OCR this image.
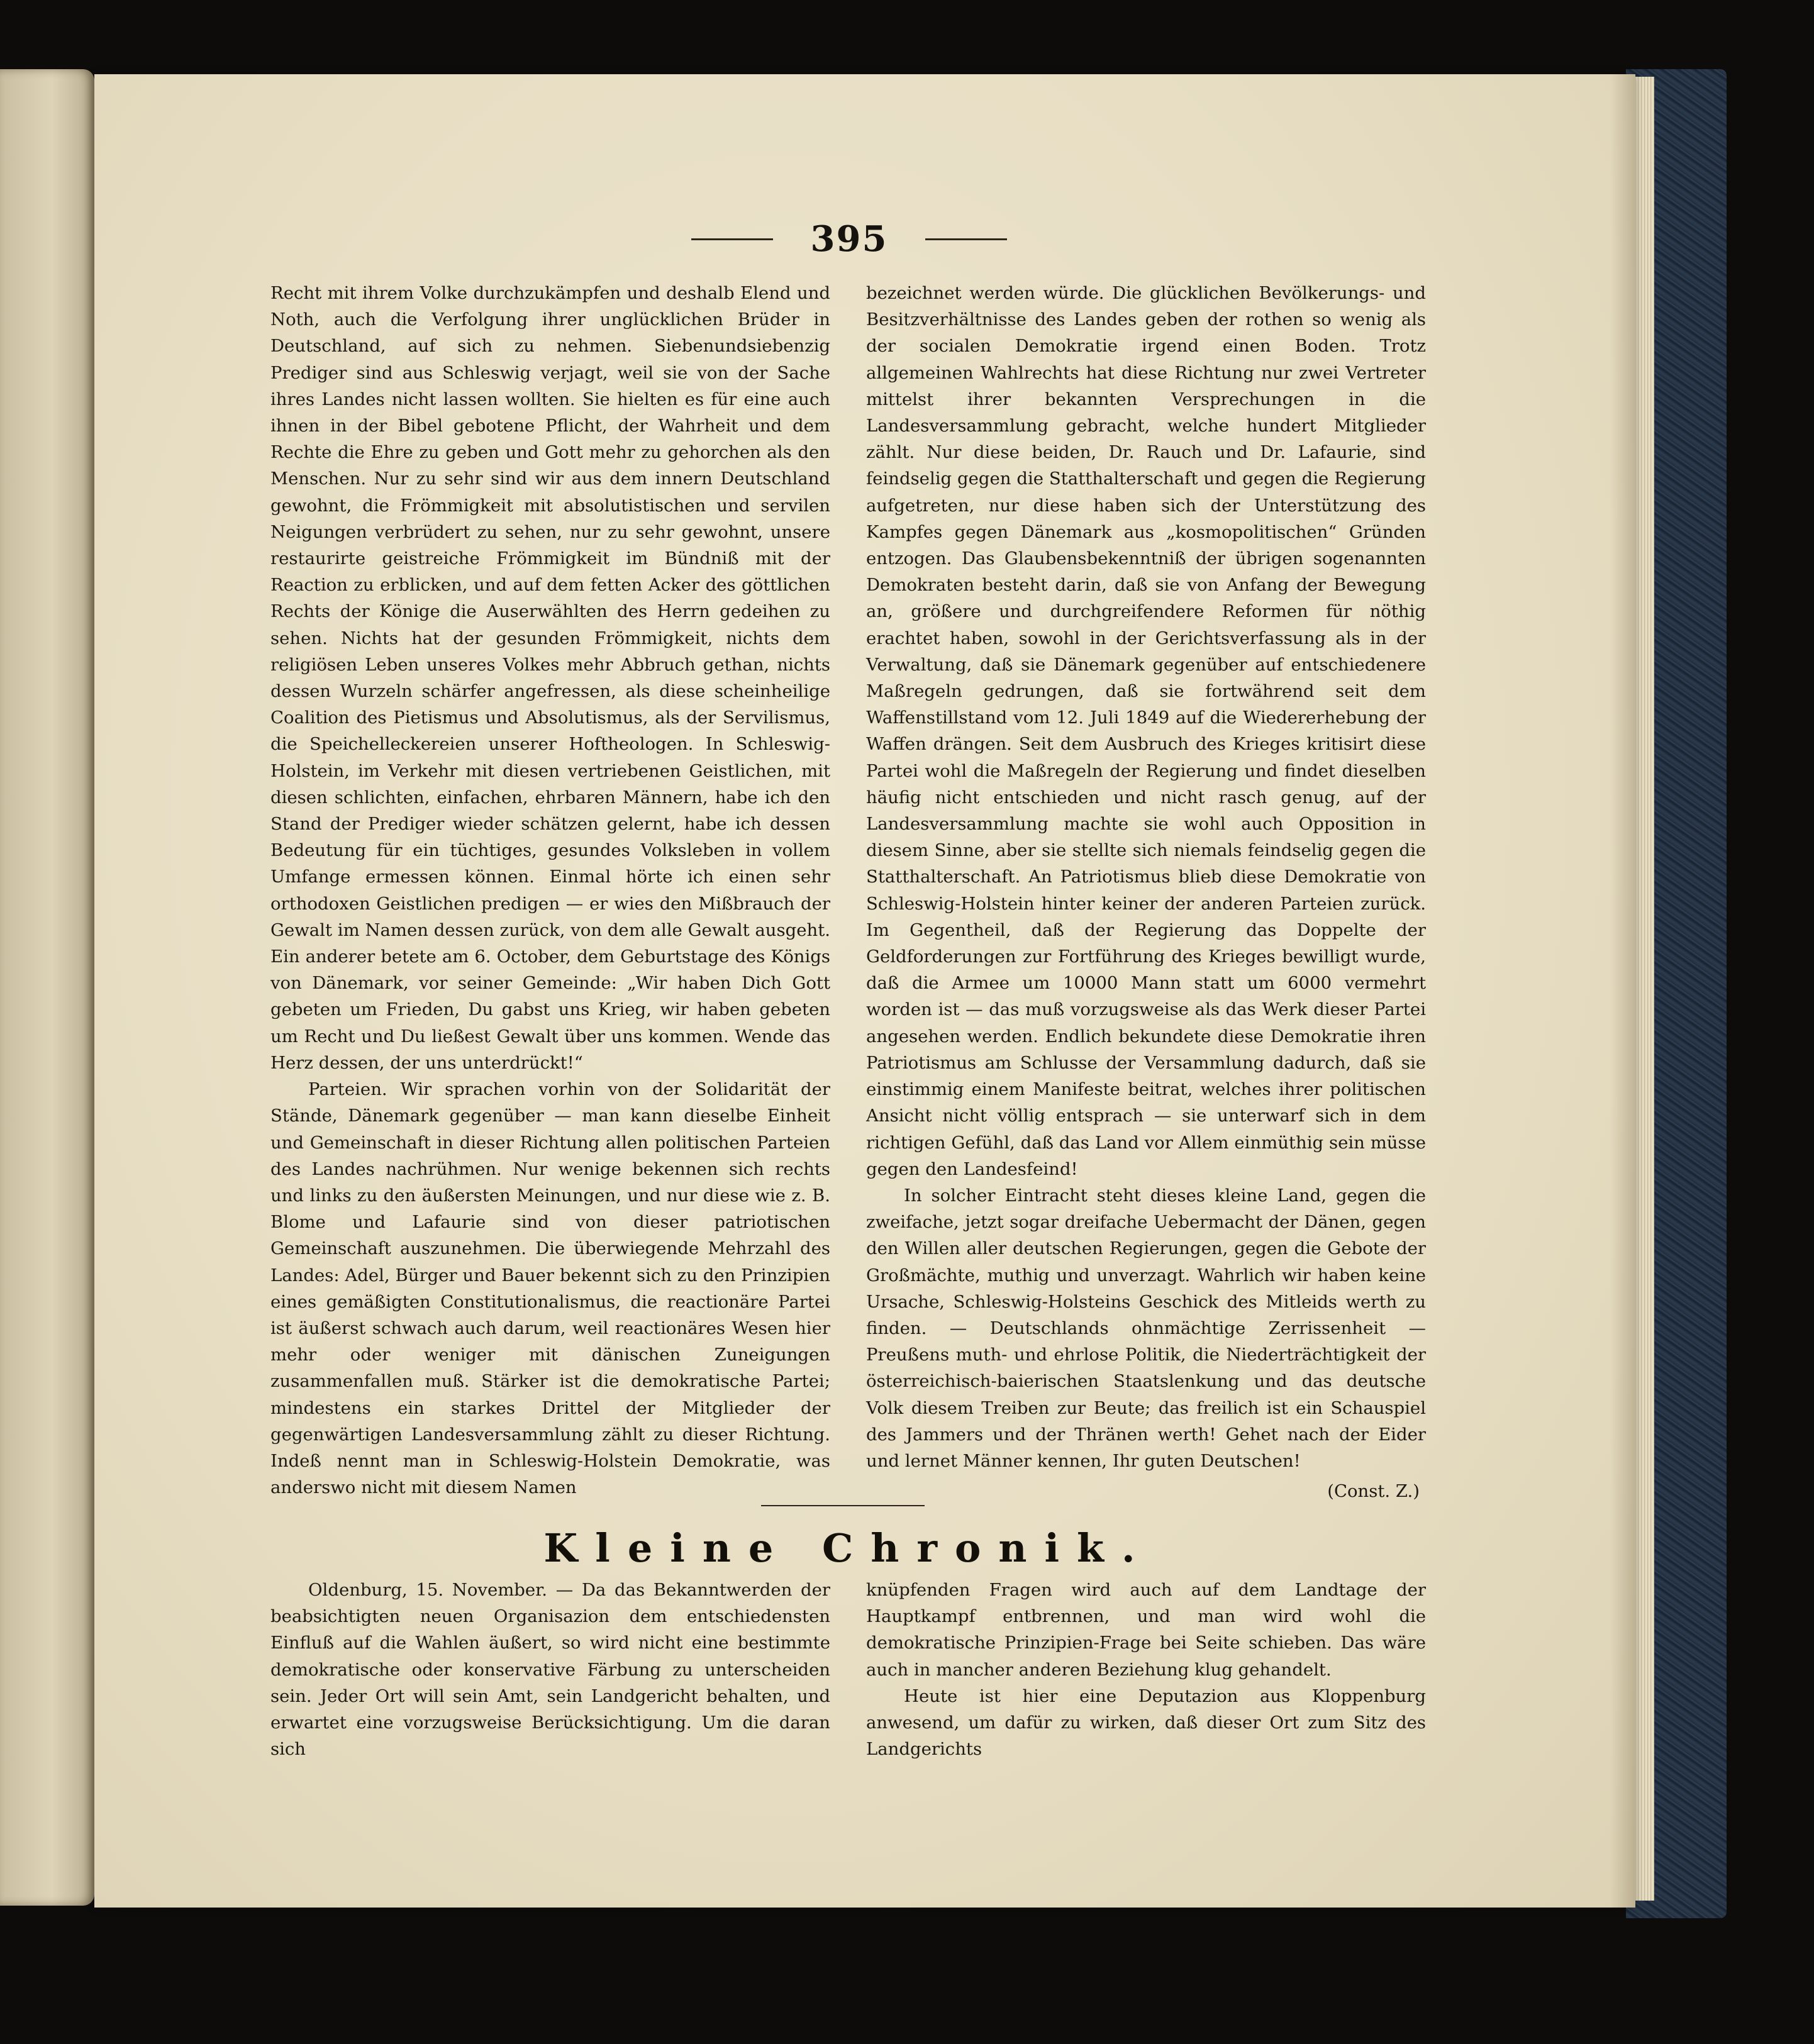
395

Recht mit ihrem Volke durchzukämpfen und deshalb Elend und Noth, auch die Verfolgung ihrer unglücklichen Brüder in Deutschland, auf sich zu nehmen. Siebenundsiebenzig Prediger sind aus Schleswig verjagt, weil sie von der Sache ihres Landes nicht lassen wollten. Sie hielten es für eine auch ihnen in der Bibel gebotene Pflicht, der Wahrheit und dem Rechte die Ehre zu geben und Gott mehr zu gehorchen als den Menschen. Nur zu sehr sind wir aus dem innern Deutschland gewohnt, die Frömmigkeit mit absolutistischen und servilen Neigungen verbrüdert zu sehen, nur zu sehr gewohnt, unsere restaurirte geistreiche Frömmigkeit im Bündniß mit der Reaction zu erblicken, und auf dem fetten Acker des göttlichen Rechts der Könige die Auserwählten des Herrn gedeihen zu sehen. Nichts hat der gesunden Frömmigkeit, nichts dem religiösen Leben unseres Volkes mehr Abbruch gethan, nichts dessen Wurzeln schärfer angefressen, als diese scheinheilige Coalition des Pietismus und Absolutismus, als der Servilismus, die Speichelleckereien unserer Hoftheologen. In Schleswig-Holstein, im Verkehr mit diesen vertriebenen Geistlichen, mit diesen schlichten, einfachen, ehrbaren Männern, habe ich den Stand der Prediger wieder schätzen gelernt, habe ich dessen Bedeutung für ein tüchtiges, gesundes Volksleben in vollem Umfange ermessen können. Einmal hörte ich einen sehr orthodoxen Geistlichen predigen — er wies den Mißbrauch der Gewalt im Namen dessen zurück, von dem alle Gewalt ausgeht. Ein anderer betete am 6. October, dem Geburtstage des Königs von Dänemark, vor seiner Gemeinde: „Wir haben Dich Gott gebeten um Frieden, Du gabst uns Krieg, wir haben gebeten um Recht und Du ließest Gewalt über uns kommen. Wende das Herz dessen, der uns unterdrückt!“

Parteien. Wir sprachen vorhin von der Solidarität der Stände, Dänemark gegenüber — man kann dieselbe Einheit und Gemeinschaft in dieser Richtung allen politischen Parteien des Landes nachrühmen. Nur wenige bekennen sich rechts und links zu den äußersten Meinungen, und nur diese wie z. B. Blome und Lafaurie sind von dieser patriotischen Gemeinschaft auszunehmen. Die überwiegende Mehrzahl des Landes: Adel, Bürger und Bauer bekennt sich zu den Prinzipien eines gemäßigten Constitutionalismus, die reactionäre Partei ist äußerst schwach auch darum, weil reactionäres Wesen hier mehr oder weniger mit dänischen Zuneigungen zusammenfallen muß. Stärker ist die demokratische Partei; mindestens ein starkes Drittel der Mitglieder der gegenwärtigen Landesversammlung zählt zu dieser Richtung. Indeß nennt man in Schleswig-Holstein Demokratie, was anderswo nicht mit diesem Namen

bezeichnet werden würde. Die glücklichen Bevölkerungs- und Besitzverhältnisse des Landes geben der rothen so wenig als der socialen Demokratie irgend einen Boden. Trotz allgemeinen Wahlrechts hat diese Richtung nur zwei Vertreter mittelst ihrer bekannten Versprechungen in die Landesversammlung gebracht, welche hundert Mitglieder zählt. Nur diese beiden, Dr. Rauch und Dr. Lafaurie, sind feindselig gegen die Statthalterschaft und gegen die Regierung aufgetreten, nur diese haben sich der Unterstützung des Kampfes gegen Dänemark aus „kosmopolitischen“ Gründen entzogen. Das Glaubensbekenntniß der übrigen sogenannten Demokraten besteht darin, daß sie von Anfang der Bewegung an, größere und durchgreifendere Reformen für nöthig erachtet haben, sowohl in der Gerichtsverfassung als in der Verwaltung, daß sie Dänemark gegenüber auf entschiedenere Maßregeln gedrungen, daß sie fortwährend seit dem Waffenstillstand vom 12. Juli 1849 auf die Wiedererhebung der Waffen drängen. Seit dem Ausbruch des Krieges kritisirt diese Partei wohl die Maßregeln der Regierung und findet dieselben häufig nicht entschieden und nicht rasch genug, auf der Landesversammlung machte sie wohl auch Opposition in diesem Sinne, aber sie stellte sich niemals feindselig gegen die Statthalterschaft. An Patriotismus blieb diese Demokratie von Schleswig-Holstein hinter keiner der anderen Parteien zurück. Im Gegentheil, daß der Regierung das Doppelte der Geldforderungen zur Fortführung des Krieges bewilligt wurde, daß die Armee um 10000 Mann statt um 6000 vermehrt worden ist — das muß vorzugsweise als das Werk dieser Partei angesehen werden. Endlich bekundete diese Demokratie ihren Patriotismus am Schlusse der Versammlung dadurch, daß sie einstimmig einem Manifeste beitrat, welches ihrer politischen Ansicht nicht völlig entsprach — sie unterwarf sich in dem richtigen Gefühl, daß das Land vor Allem einmüthig sein müsse gegen den Landesfeind!

In solcher Eintracht steht dieses kleine Land, gegen die zweifache, jetzt sogar dreifache Uebermacht der Dänen, gegen den Willen aller deutschen Regierungen, gegen die Gebote der Großmächte, muthig und unverzagt. Wahrlich wir haben keine Ursache, Schleswig-Holsteins Geschick des Mitleids werth zu finden. — Deutschlands ohnmächtige Zerrissenheit — Preußens muth- und ehrlose Politik, die Niederträchtigkeit der österreichisch-baierischen Staatslenkung und das deutsche Volk diesem Treiben zur Beute; das freilich ist ein Schauspiel des Jammers und der Thränen werth! Gehet nach der Eider und lernet Männer kennen, Ihr guten Deutschen!

(Const. Z.)

Kleine Chronik.

Oldenburg, 15. November. — Da das Bekanntwerden der beabsichtigten neuen Organisazion dem entschiedensten Einfluß auf die Wahlen äußert, so wird nicht eine bestimmte demokratische oder konservative Färbung zu unterscheiden sein. Jeder Ort will sein Amt, sein Landgericht behalten, und erwartet eine vorzugsweise Berücksichtigung. Um die daran sich

knüpfenden Fragen wird auch auf dem Landtage der Hauptkampf entbrennen, und man wird wohl die demokratische Prinzipien-Frage bei Seite schieben. Das wäre auch in mancher anderen Beziehung klug gehandelt.

Heute ist hier eine Deputazion aus Kloppenburg anwesend, um dafür zu wirken, daß dieser Ort zum Sitz des Landgerichts
